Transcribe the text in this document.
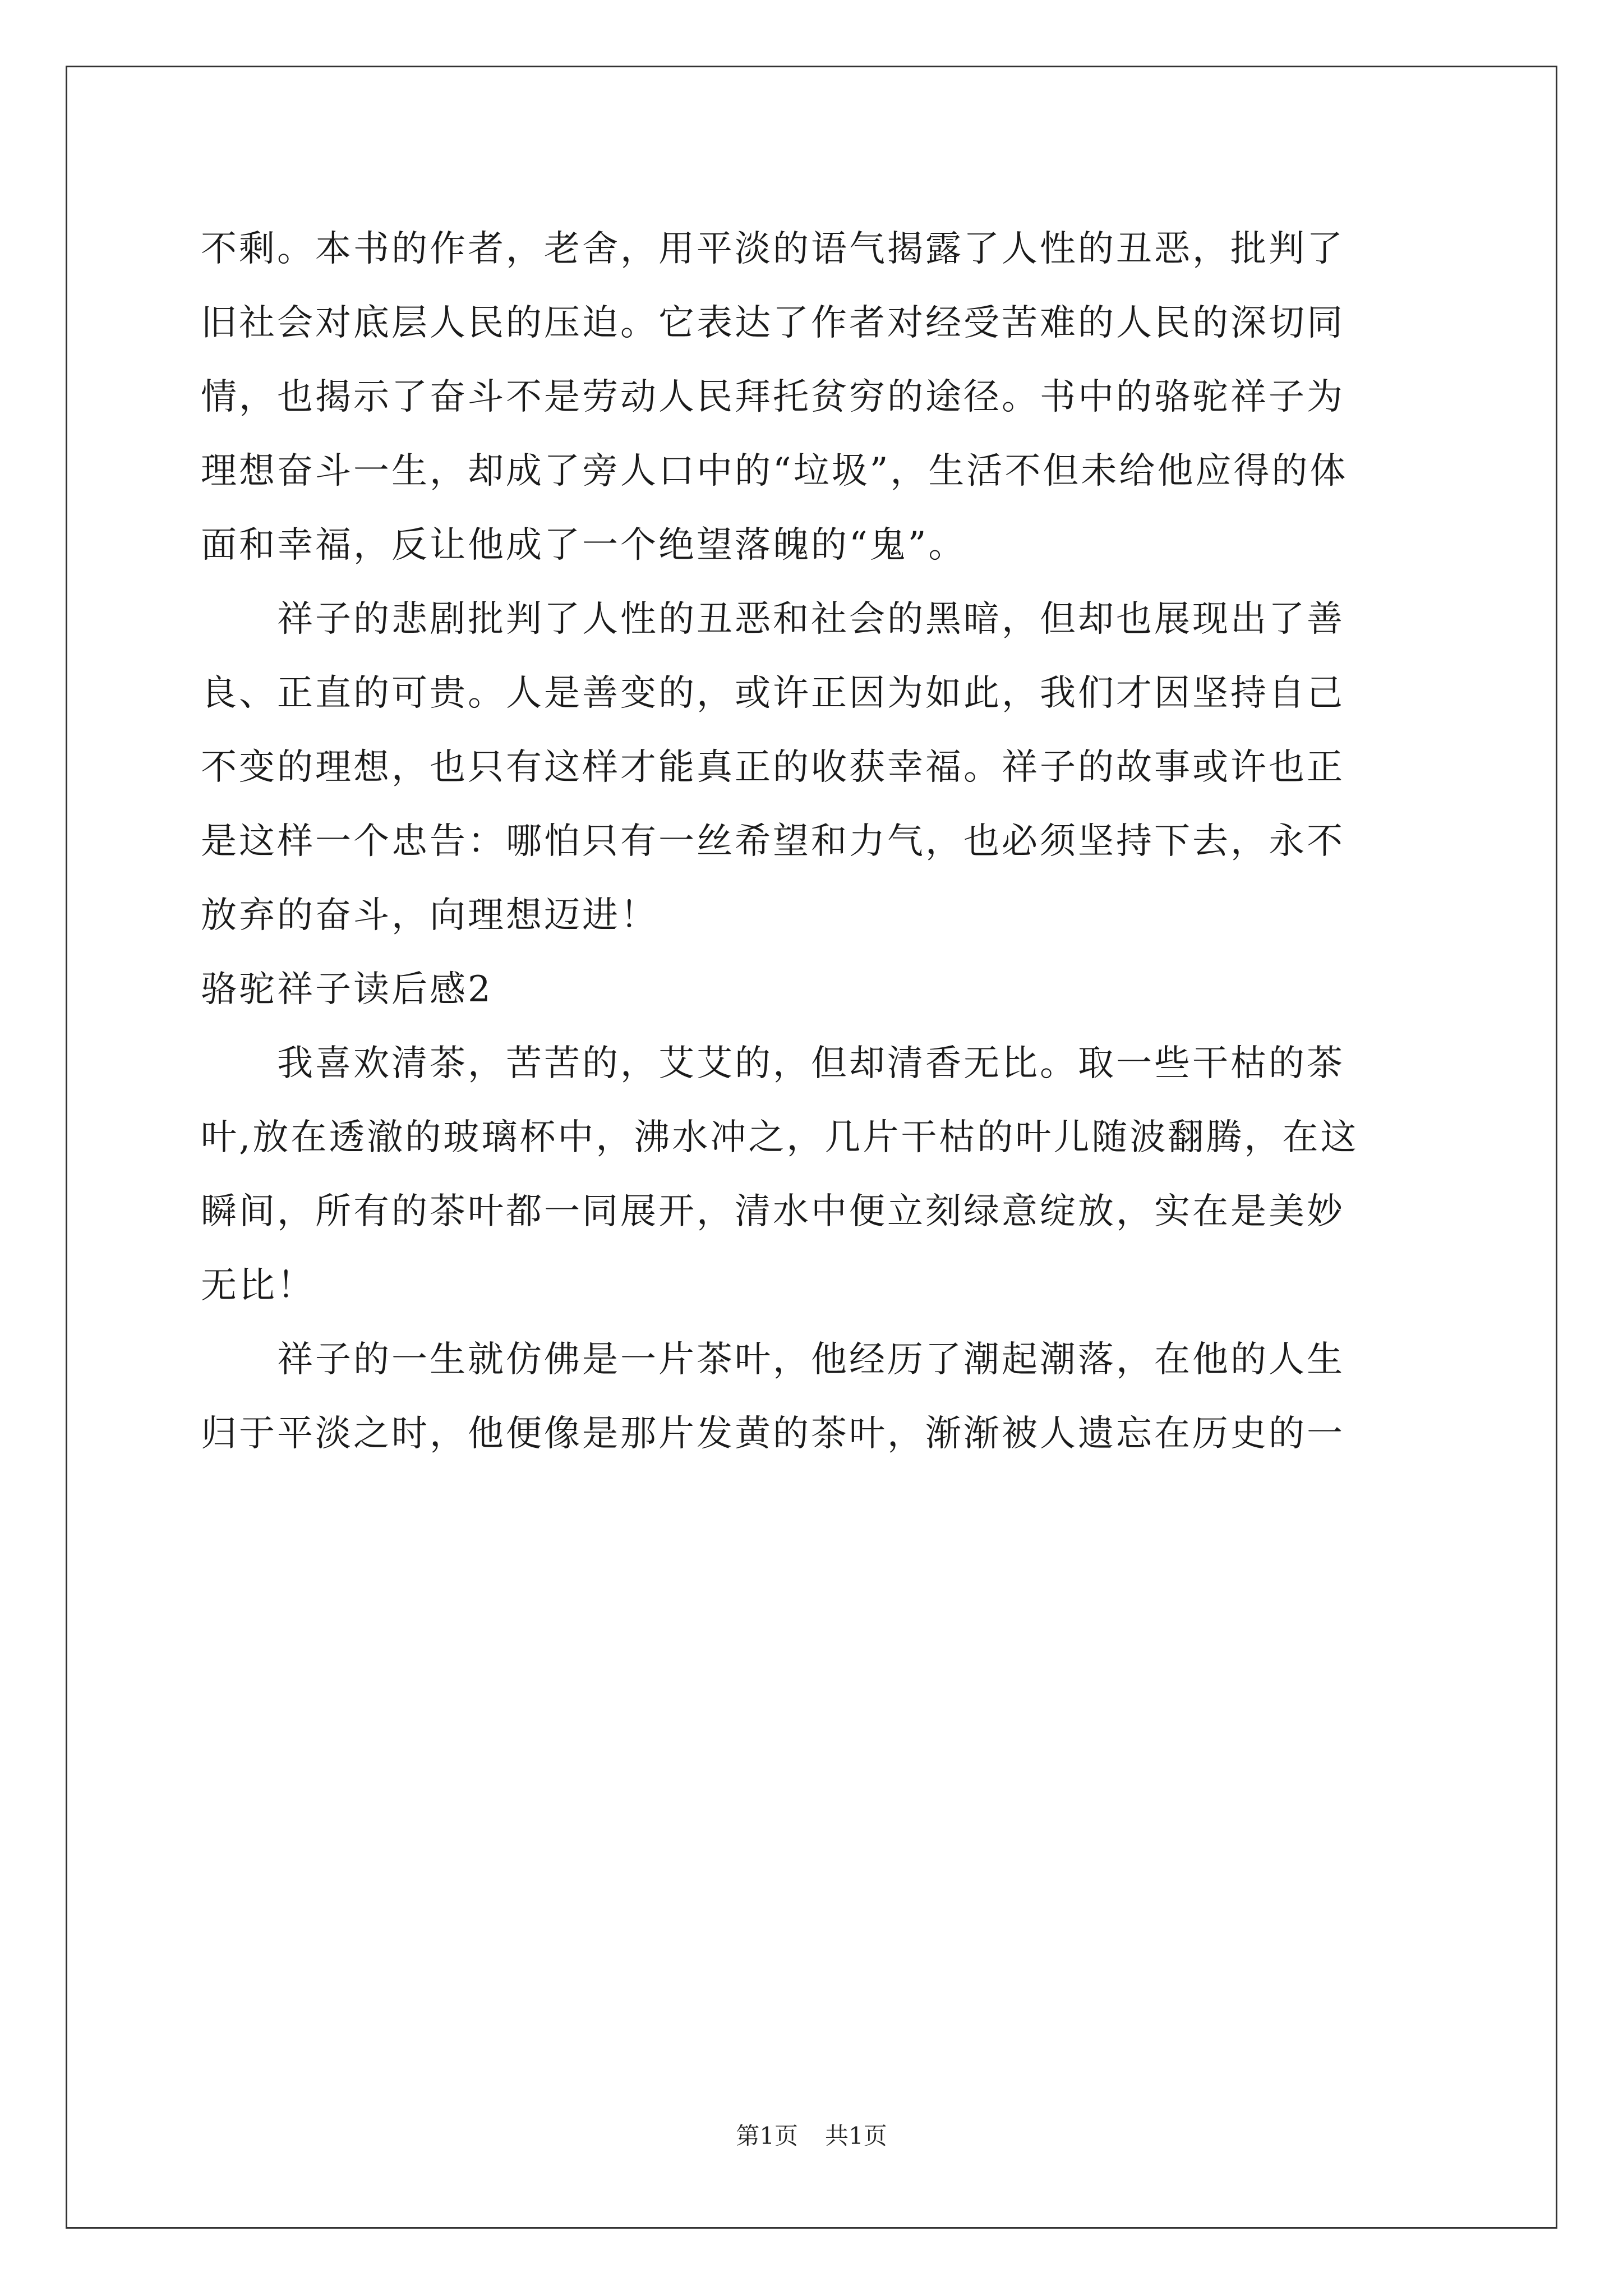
不剩。本书的作者，老舍，用平淡的语气揭露了人性的丑恶，批判了
旧社会对底层人民的压迫。它表达了作者对经受苦难的人民的深切同
情，也揭示了奋斗不是劳动人民拜托贫穷的途径。书中的骆驼祥子为
理想奋斗一生，却成了旁人口中的“垃圾”，生活不但未给他应得的体
面和幸福，反让他成了一个绝望落魄的“鬼”。
　　祥子的悲剧批判了人性的丑恶和社会的黑暗，但却也展现出了善
良、正直的可贵。人是善变的，或许正因为如此，我们才因坚持自己
不变的理想，也只有这样才能真正的收获幸福。祥子的故事或许也正
是这样一个忠告：哪怕只有一丝希望和力气，也必须坚持下去，永不
放弃的奋斗，向理想迈进！
骆驼祥子读后感2
　　我喜欢清茶，苦苦的，艾艾的，但却清香无比。取一些干枯的茶
叶,放在透澈的玻璃杯中，沸水冲之，几片干枯的叶儿随波翻腾，在这
瞬间，所有的茶叶都一同展开，清水中便立刻绿意绽放，实在是美妙
无比！
　　祥子的一生就仿佛是一片茶叶，他经历了潮起潮落，在他的人生
归于平淡之时，他便像是那片发黄的茶叶，渐渐被人遗忘在历史的一
第1页 共1页
